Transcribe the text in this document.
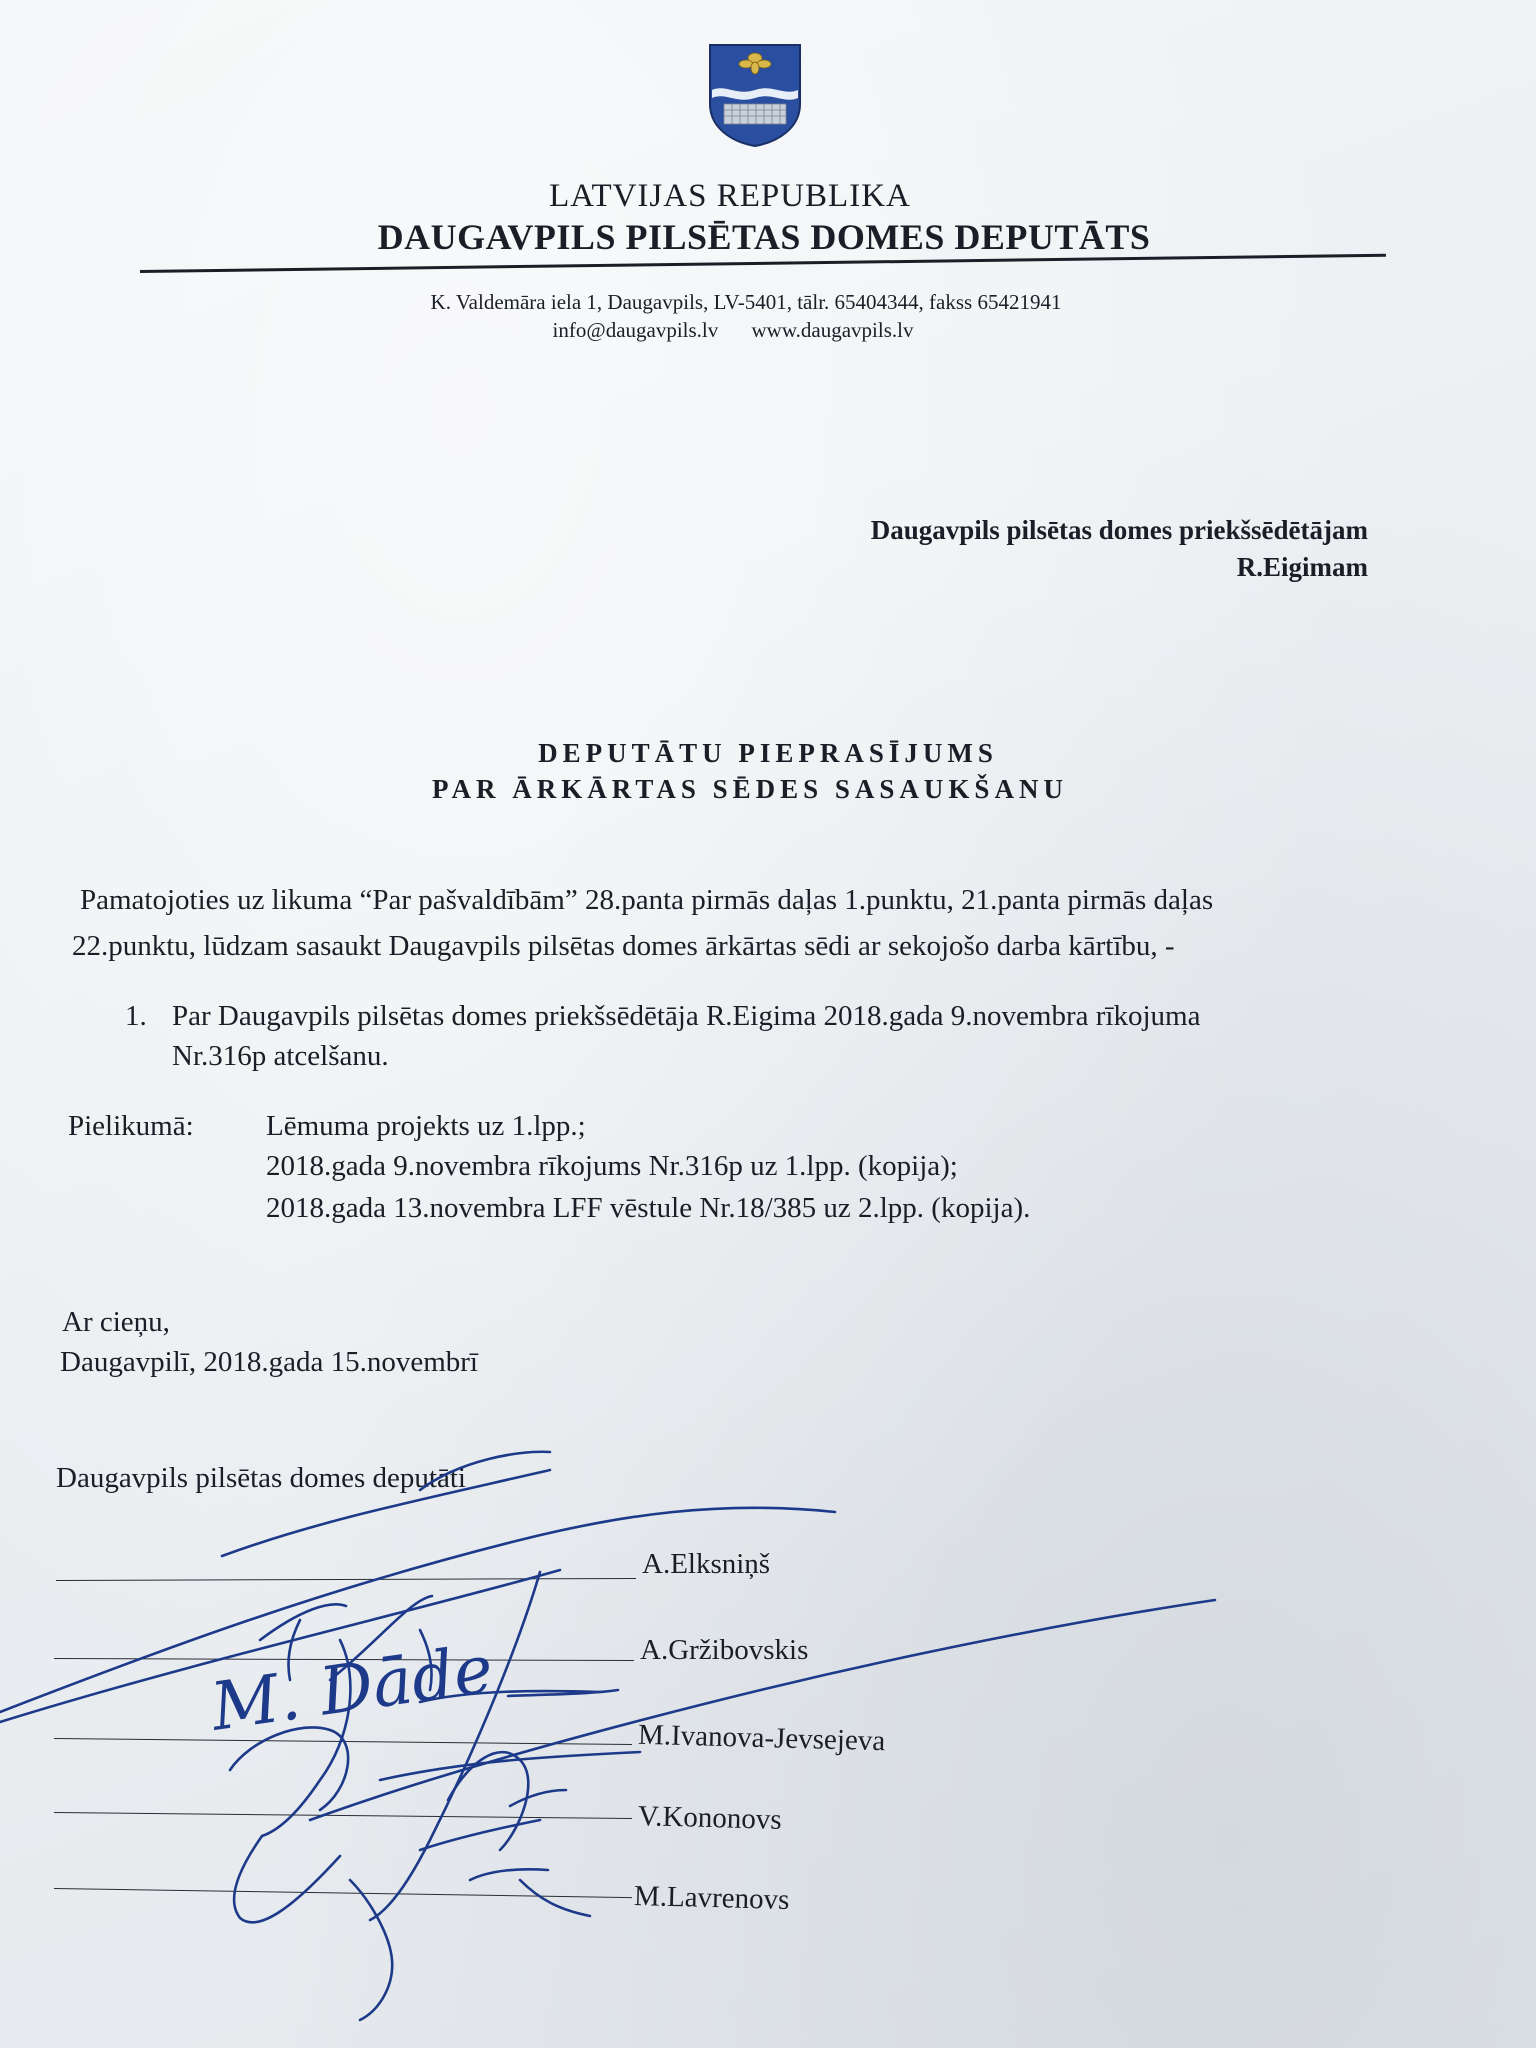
LATVIJAS REPUBLIKA
DAUGAVPILS PILSĒTAS DOMES DEPUTĀTS
K. Valdemāra iela 1, Daugavpils, LV-5401, tālr. 65404344, fakss 65421941
info@daugavpils.lv www.daugavpils.lv
Daugavpils pilsētas domes priekšsēdētājam
R.Eigimam
DEPUTĀTU PIEPRASĪJUMS
PAR ĀRKĀRTAS SĒDES SASAUKŠANU
Pamatojoties uz likuma “Par pašvaldībām” 28.panta pirmās daļas 1.punktu, 21.panta pirmās daļas
22.punktu, lūdzam sasaukt Daugavpils pilsētas domes ārkārtas sēdi ar sekojošo darba kārtību, -
1. Par Daugavpils pilsētas domes priekšsēdētāja R.Eigima 2018.gada 9.novembra rīkojuma
Nr.316p atcelšanu.
Pielikumā: Lēmuma projekts uz 1.lpp.;
2018.gada 9.novembra rīkojums Nr.316p uz 1.lpp. (kopija);
2018.gada 13.novembra LFF vēstule Nr.18/385 uz 2.lpp. (kopija).
Ar cieņu,
Daugavpilī, 2018.gada 15.novembrī
Daugavpils pilsētas domes deputāti
A.Elksniņš
A.Gržibovskis
M.Ivanova-Jevsejeva
V.Kononovs
M.Lavrenovs
M. Dāde
